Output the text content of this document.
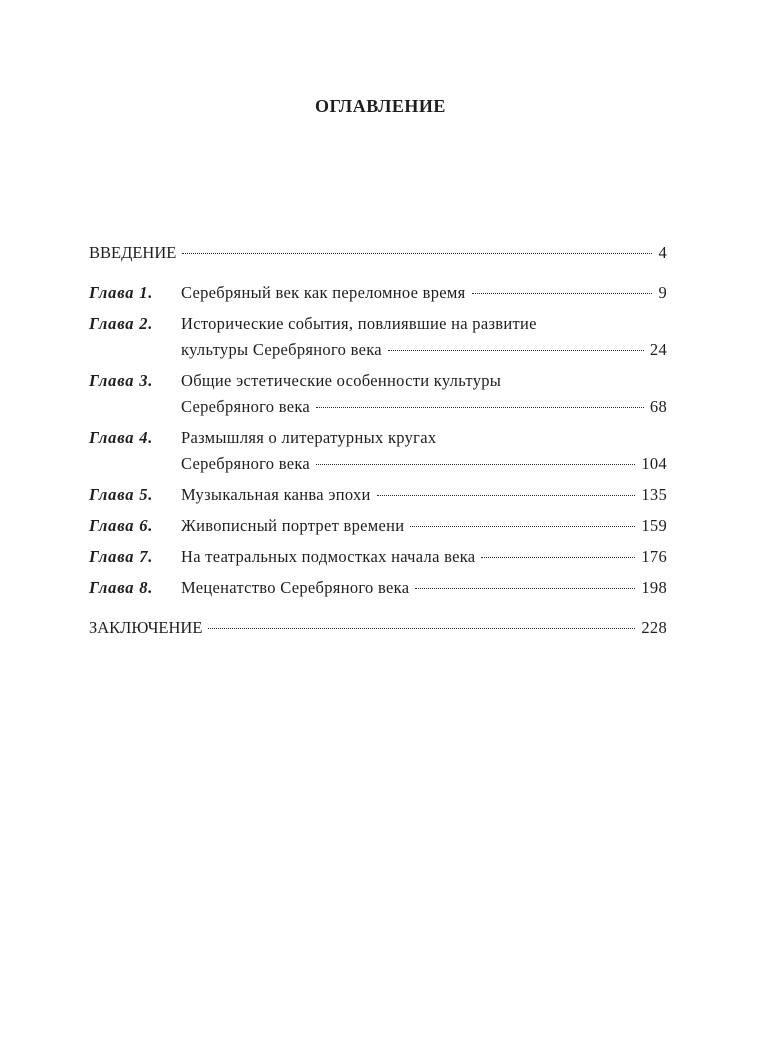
ОГЛАВЛЕНИЕ
ВВЕДЕНИЕ	4
Глава 1.	Серебряный век как переломное время	9
Глава 2.	Исторические события, повлиявшие на развитие
культуры Серебряного века	24
Глава 3.	Общие эстетические особенности культуры
Серебряного века	68
Глава 4.	Размышляя о литературных кругах
Серебряного века	104
Глава 5.	Музыкальная канва эпохи	135
Глава 6.	Живописный портрет времени	159
Глава 7.	На театральных подмостках начала века	176
Глава 8.	Меценатство Серебряного века	198
ЗАКЛЮЧЕНИЕ	228
